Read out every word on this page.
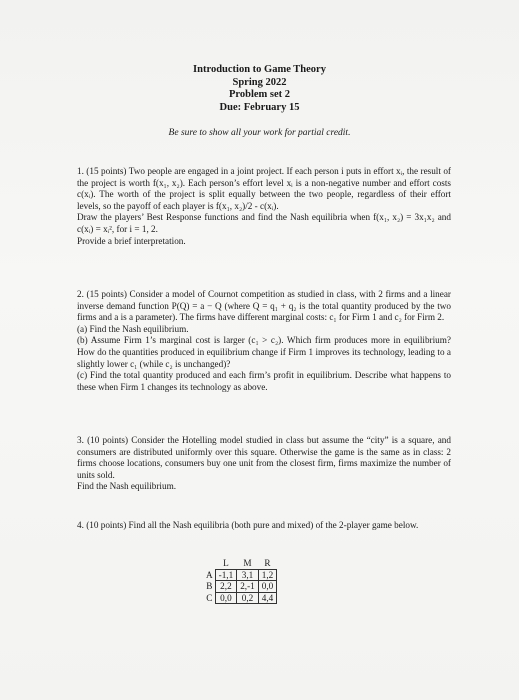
Introduction to Game Theory
Spring 2022
Problem set 2
Due: February 15
Be sure to show all your work for partial credit.

1. (15 points) Two people are engaged in a joint project. If each person i puts in effort xᵢ, the result of the project is worth f(x₁, x₂). Each person’s effort level xᵢ is a non-negative number and effort costs c(xᵢ). The worth of the project is split equally between the two people, regardless of their effort levels, so the payoff of each player is f(x₁, x₂)/2 - c(xᵢ).

Draw the players’ Best Response functions and find the Nash equilibria when f(x₁, x₂) = 3x₁x₂ and c(xᵢ) = xᵢ², for i = 1, 2.

Provide a brief interpretation.

2. (15 points) Consider a model of Cournot competition as studied in class, with 2 firms and a linear inverse demand function P(Q) = a − Q (where Q = q₁ + q₂ is the total quantity produced by the two firms and a is a parameter). The firms have different marginal costs: c₁ for Firm 1 and c₂ for Firm 2.

(a) Find the Nash equilibrium.

(b) Assume Firm 1’s marginal cost is larger (c₁ > c₂). Which firm produces more in equilibrium? How do the quantities produced in equilibrium change if Firm 1 improves its technology, leading to a slightly lower c₁ (while c₂ is unchanged)?

(c) Find the total quantity produced and each firm’s profit in equilibrium. Describe what happens to these when Firm 1 changes its technology as above.

3. (10 points) Consider the Hotelling model studied in class but assume the “city” is a square, and consumers are distributed uniformly over this square. Otherwise the game is the same as in class: 2 firms choose locations, consumers buy one unit from the closest firm, firms maximize the number of units sold.

Find the Nash equilibrium.

4. (10 points) Find all the Nash equilibria (both pure and mixed) of the 2-player game below.

	L	M	R
A	-1,1	3,1	1,2
B	2,2	2,-1	0,0
C	0,0	0,2	4,4
